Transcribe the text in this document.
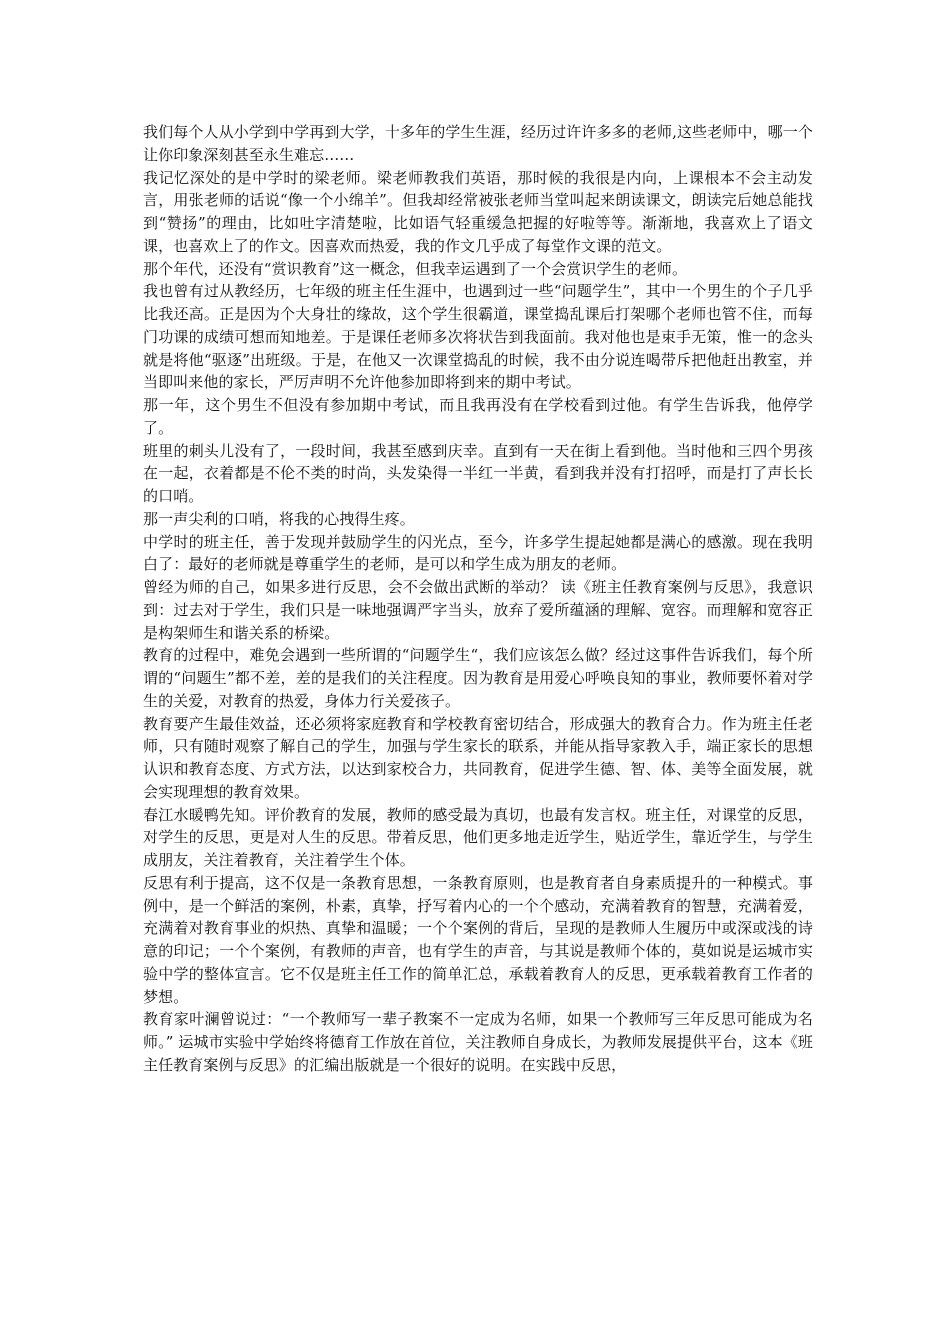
我们每个人从小学到中学再到大学，十多年的学生生涯，经历过许许多多的老师,这些老师中，哪一个让你印象深刻甚至永生难忘……

我记忆深处的是中学时的梁老师。梁老师教我们英语，那时候的我很是内向，上课根本不会主动发言，用张老师的话说“像一个小绵羊”。但我却经常被张老师当堂叫起来朗读课文，朗读完后她总能找到“赞扬”的理由，比如吐字清楚啦，比如语气轻重缓急把握的好啦等等。渐渐地，我喜欢上了语文课，也喜欢上了的作文。因喜欢而热爱，我的作文几乎成了每堂作文课的范文。

那个年代，还没有“赏识教育”这一概念，但我幸运遇到了一个会赏识学生的老师。

我也曾有过从教经历，七年级的班主任生涯中，也遇到过一些“问题学生”，其中一个男生的个子几乎比我还高。正是因为个大身壮的缘故，这个学生很霸道，课堂捣乱课后打架哪个老师也管不住，而每门功课的成绩可想而知地差。于是课任老师多次将状告到我面前。我对他也是束手无策，惟一的念头就是将他“驱逐”出班级。于是，在他又一次课堂捣乱的时候，我不由分说连喝带斥把他赶出教室，并当即叫来他的家长，严厉声明不允许他参加即将到来的期中考试。

那一年，这个男生不但没有参加期中考试，而且我再没有在学校看到过他。有学生告诉我，他停学了。

班里的刺头儿没有了，一段时间，我甚至感到庆幸。直到有一天在街上看到他。当时他和三四个男孩在一起，衣着都是不伦不类的时尚，头发染得一半红一半黄，看到我并没有打招呼，而是打了声长长的口哨。

那一声尖利的口哨，将我的心拽得生疼。

中学时的班主任，善于发现并鼓励学生的闪光点，至今，许多学生提起她都是满心的感激。现在我明白了：最好的老师就是尊重学生的老师，是可以和学生成为朋友的老师。

曾经为师的自己，如果多进行反思，会不会做出武断的举动？ 读《班主任教育案例与反思》，我意识到：过去对于学生，我们只是一味地强调严字当头，放弃了爱所蕴涵的理解、宽容。而理解和宽容正是构架师生和谐关系的桥梁。

教育的过程中，难免会遇到一些所谓的“问题学生“，我们应该怎么做？经过这事件告诉我们，每个所谓的“问题生”都不差，差的是我们的关注程度。因为教育是用爱心呼唤良知的事业，教师要怀着对学生的关爱，对教育的热爱，身体力行关爱孩子。

教育要产生最佳效益，还必须将家庭教育和学校教育密切结合，形成强大的教育合力。作为班主任老师，只有随时观察了解自己的学生，加强与学生家长的联系，并能从指导家教入手，端正家长的思想认识和教育态度、方式方法，以达到家校合力，共同教育，促进学生德、智、体、美等全面发展，就会实现理想的教育效果。

春江水暖鸭先知。评价教育的发展，教师的感受最为真切，也最有发言权。班主任，对课堂的反思，对学生的反思，更是对人生的反思。带着反思，他们更多地走近学生，贴近学生，靠近学生，与学生成朋友，关注着教育，关注着学生个体。

反思有利于提高，这不仅是一条教育思想，一条教育原则，也是教育者自身素质提升的一种模式。事例中，是一个鲜活的案例，朴素，真挚，抒写着内心的一个个感动，充满着教育的智慧，充满着爱，充满着对教育事业的炽热、真挚和温暖；一个个案例的背后，呈现的是教师人生履历中或深或浅的诗意的印记；一个个案例，有教师的声音，也有学生的声音，与其说是教师个体的，莫如说是运城市实验中学的整体宣言。它不仅是班主任工作的简单汇总，承载着教育人的反思，更承载着教育工作者的梦想。

教育家叶澜曾说过：“一个教师写一辈子教案不一定成为名师，如果一个教师写三年反思可能成为名师。” 运城市实验中学始终将德育工作放在首位，关注教师自身成长，为教师发展提供平台，这本《班主任教育案例与反思》的汇编出版就是一个很好的说明。在实践中反思，
